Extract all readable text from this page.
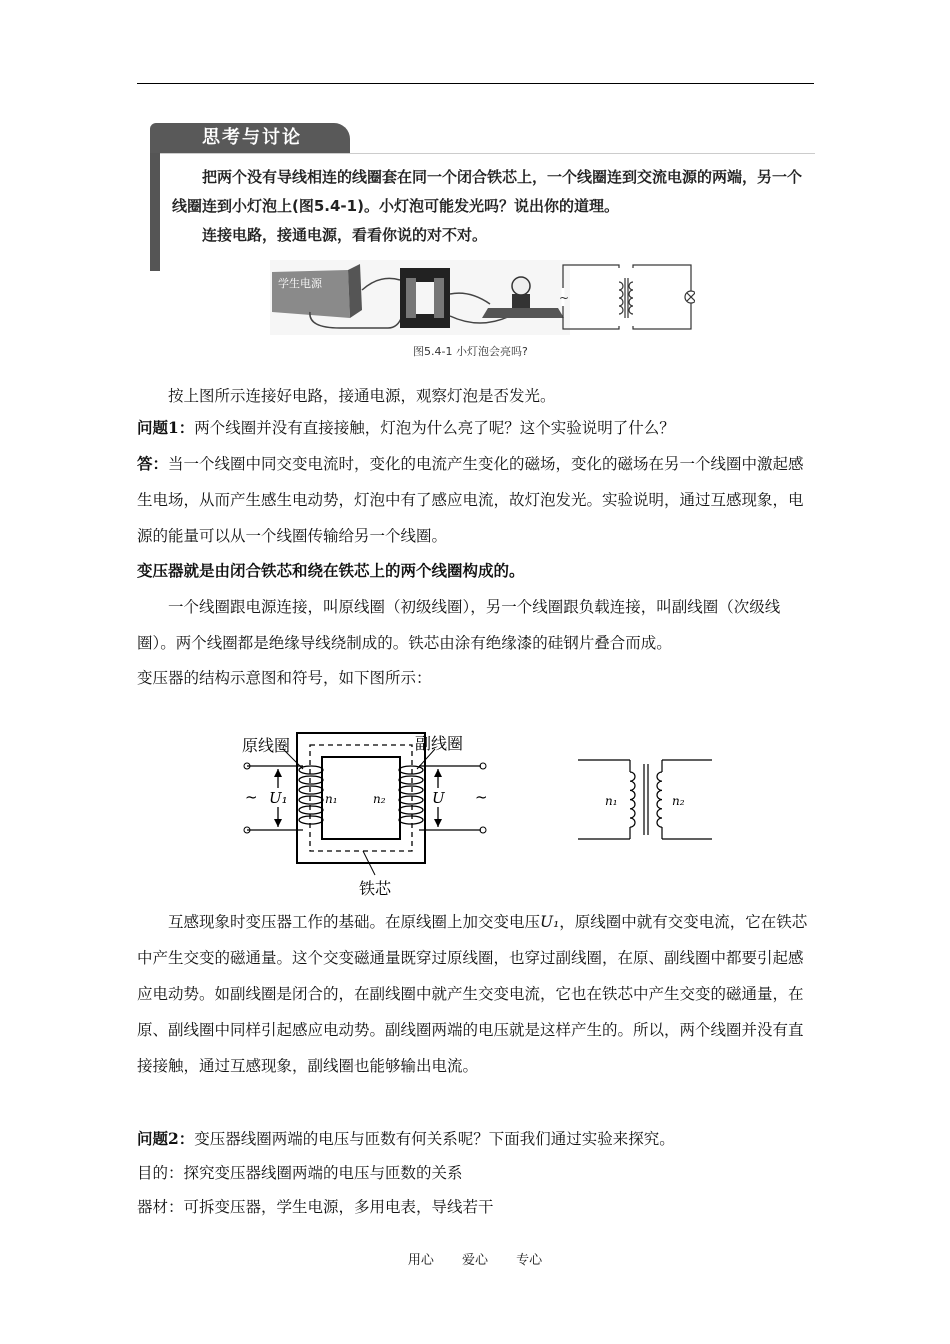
思考与讨论

把两个没有导线相连的线圈套在同一个闭合铁芯上，一个线圈连到交流电源的两端，另一个线圈连到小灯泡上(图5.4-1)。小灯泡可能发光吗？说出你的道理。
连接电路，接通电源，看看你说的对不对。

学生电源
~
图5.4-1 小灯泡会亮吗?

按上图所示连接好电路，接通电源，观察灯泡是否发光。

问题1：两个线圈并没有直接接触，灯泡为什么亮了呢？这个实验说明了什么？

答：当一个线圈中同交变电流时，变化的电流产生变化的磁场，变化的磁场在另一个线圈中激起感生电场，从而产生感生电动势，灯泡中有了感应电流，故灯泡发光。实验说明，通过互感现象，电源的能量可以从一个线圈传输给另一个线圈。

变压器就是由闭合铁芯和绕在铁芯上的两个线圈构成的。

一个线圈跟电源连接，叫原线圈（初级线圈），另一个线圈跟负载连接，叫副线圈（次级线圈）。两个线圈都是绝缘导线绕制成的。铁芯由涂有绝缘漆的硅钢片叠合而成。

变压器的结构示意图和符号，如下图所示：

原线圈	副线圈
铁芯
~	~
U₁	U
n₁	n₂	n₁	n₂

互感现象时变压器工作的基础。在原线圈上加交变电压U₁，原线圈中就有交变电流，它在铁芯中产生交变的磁通量。这个交变磁通量既穿过原线圈，也穿过副线圈，在原、副线圈中都要引起感应电动势。如副线圈是闭合的，在副线圈中就产生交变电流，它也在铁芯中产生交变的磁通量，在原、副线圈中同样引起感应电动势。副线圈两端的电压就是这样产生的。所以，两个线圈并没有直接接触，通过互感现象，副线圈也能够输出电流。

问题2：变压器线圈两端的电压与匝数有何关系呢？下面我们通过实验来探究。

目的：探究变压器线圈两端的电压与匝数的关系

器材：可拆变压器，学生电源，多用电表，导线若干

用心 爱心 专心
